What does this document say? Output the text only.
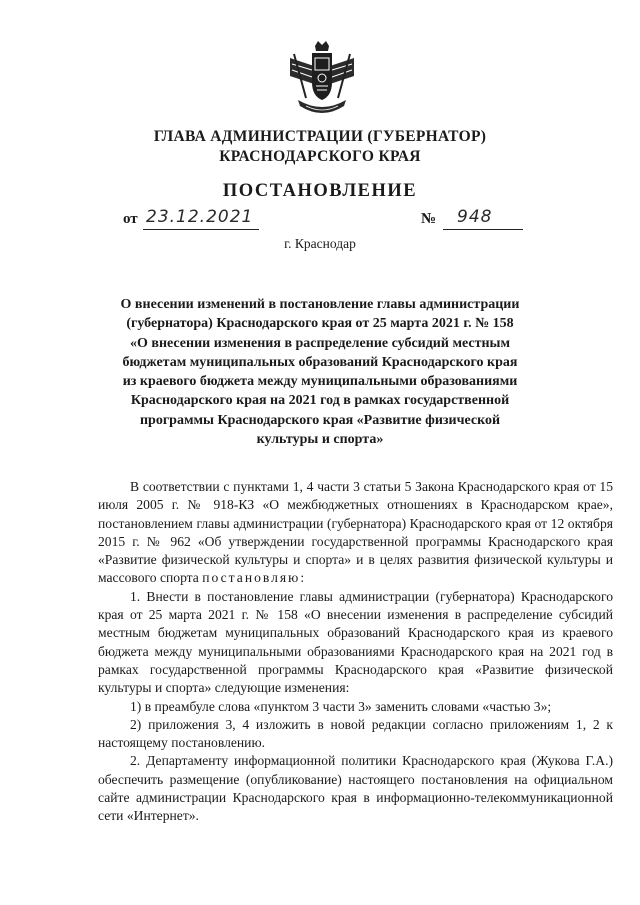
ГЛАВА АДМИНИСТРАЦИИ (ГУБЕРНАТОР)
КРАСНОДАРСКОГО КРАЯ
ПОСТАНОВЛЕНИЕ
от 23.12.2021	№ 948
г. Краснодар
О внесении изменений в постановление главы администрации
(губернатора) Краснодарского края от 25 марта 2021 г. № 158
«О внесении изменения в распределение субсидий местным
бюджетам муниципальных образований Краснодарского края
из краевого бюджета между муниципальными образованиями
Краснодарского края на 2021 год в рамках государственной
программы Краснодарского края «Развитие физической
культуры и спорта»

В соответствии с пунктами 1, 4 части 3 статьи 5 Закона Краснодарского края от 15 июля 2005 г. № 918-КЗ «О межбюджетных отношениях в Краснодарском крае», постановлением главы администрации (губернатора) Краснодарского края от 12 октября 2015 г. № 962 «Об утверждении государственной программы Краснодарского края «Развитие физической культуры и спорта» и в целях развития физической культуры и массового спорта постановляю:

1. Внести в постановление главы администрации (губернатора) Краснодарского края от 25 марта 2021 г. № 158 «О внесении изменения в распределение субсидий местным бюджетам муниципальных образований Краснодарского края из краевого бюджета между муниципальными образованиями Краснодарского края на 2021 год в рамках государственной программы Краснодарского края «Развитие физической культуры и спорта» следующие изменения:

1) в преамбуле слова «пунктом 3 части 3» заменить словами «частью 3»;

2) приложения 3, 4 изложить в новой редакции согласно приложениям 1, 2 к настоящему постановлению.

2. Департаменту информационной политики Краснодарского края (Жукова Г.А.) обеспечить размещение (опубликование) настоящего постановления на официальном сайте администрации Краснодарского края в информационно-телекоммуникационной сети «Интернет».
